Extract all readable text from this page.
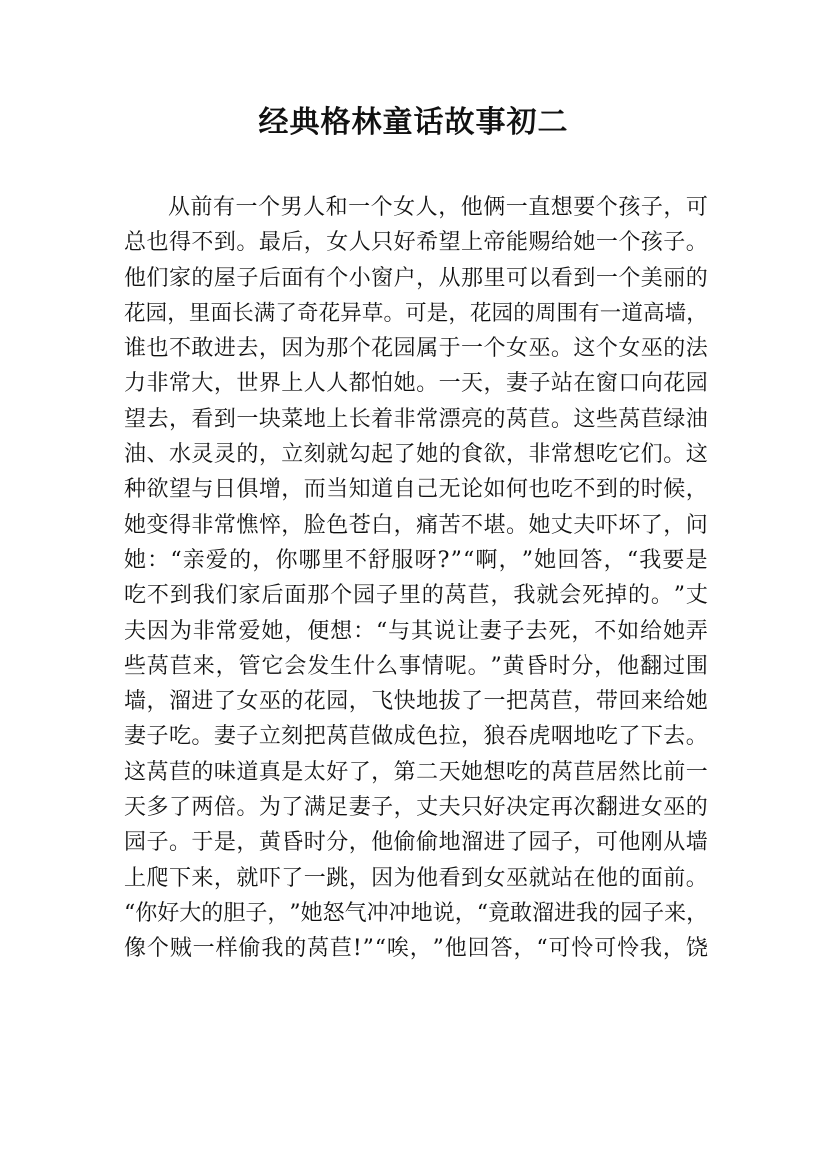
经典格林童话故事初二
从 前 有 一 个 男 人 和 一 个 女 人 ， 他 俩 一 直 想 要 个 孩 子 ， 可
总 也 得 不 到 。 最 后 ， 女 人 只 好 希 望 上 帝 能 赐 给 她 一 个 孩 子 。
他 们 家 的 屋 子 后 面 有 个 小 窗 户 ， 从 那 里 可 以 看 到 一 个 美 丽 的
花 园 ， 里 面 长 满 了 奇 花 异 草 。 可 是 ， 花 园 的 周 围 有 一 道 高 墙 ，
谁 也 不 敢 进 去 ， 因 为 那 个 花 园 属 于 一 个 女 巫 。 这 个 女 巫 的 法
力 非 常 大 ， 世 界 上 人 人 都 怕 她 。 一 天 ， 妻 子 站 在 窗 口 向 花 园
望 去 ， 看 到 一 块 菜 地 上 长 着 非 常 漂 亮 的 莴 苣 。 这 些 莴 苣 绿 油
油 、 水 灵 灵 的 ， 立 刻 就 勾 起 了 她 的 食 欲 ， 非 常 想 吃 它 们 。 这
种 欲 望 与 日 俱 增 ， 而 当 知 道 自 己 无 论 如 何 也 吃 不 到 的 时 候 ，
她 变 得 非 常 憔 悴 ， 脸 色 苍 白 ， 痛 苦 不 堪 。 她 丈 夫 吓 坏 了 ， 问
她 ： “ 亲 爱 的 ， 你 哪 里 不 舒 服 呀 ? ” “ 啊 ， ” 她 回 答 ， “ 我 要 是
吃 不 到 我 们 家 后 面 那 个 园 子 里 的 莴 苣 ， 我 就 会 死 掉 的 。 ” 丈
夫 因 为 非 常 爱 她 ， 便 想 ： “ 与 其 说 让 妻 子 去 死 ， 不 如 给 她 弄
些 莴 苣 来 ， 管 它 会 发 生 什 么 事 情 呢 。 ” 黄 昏 时 分 ， 他 翻 过 围
墙 ， 溜 进 了 女 巫 的 花 园 ， 飞 快 地 拔 了 一 把 莴 苣 ， 带 回 来 给 她
妻 子 吃 。 妻 子 立 刻 把 莴 苣 做 成 色 拉 ， 狼 吞 虎 咽 地 吃 了 下 去 。
这 莴 苣 的 味 道 真 是 太 好 了 ， 第 二 天 她 想 吃 的 莴 苣 居 然 比 前 一
天 多 了 两 倍 。 为 了 满 足 妻 子 ， 丈 夫 只 好 决 定 再 次 翻 进 女 巫 的
园 子 。 于 是 ， 黄 昏 时 分 ， 他 偷 偷 地 溜 进 了 园 子 ， 可 他 刚 从 墙
上 爬 下 来 ， 就 吓 了 一 跳 ， 因 为 他 看 到 女 巫 就 站 在 他 的 面 前 。
“ 你 好 大 的 胆 子 ， ” 她 怒 气 冲 冲 地 说 ， “ 竟 敢 溜 进 我 的 园 子 来 ，
像 个 贼 一 样 偷 我 的 莴 苣 ! ” “ 唉 ， ” 他 回 答 ， “ 可 怜 可 怜 我 ， 饶
